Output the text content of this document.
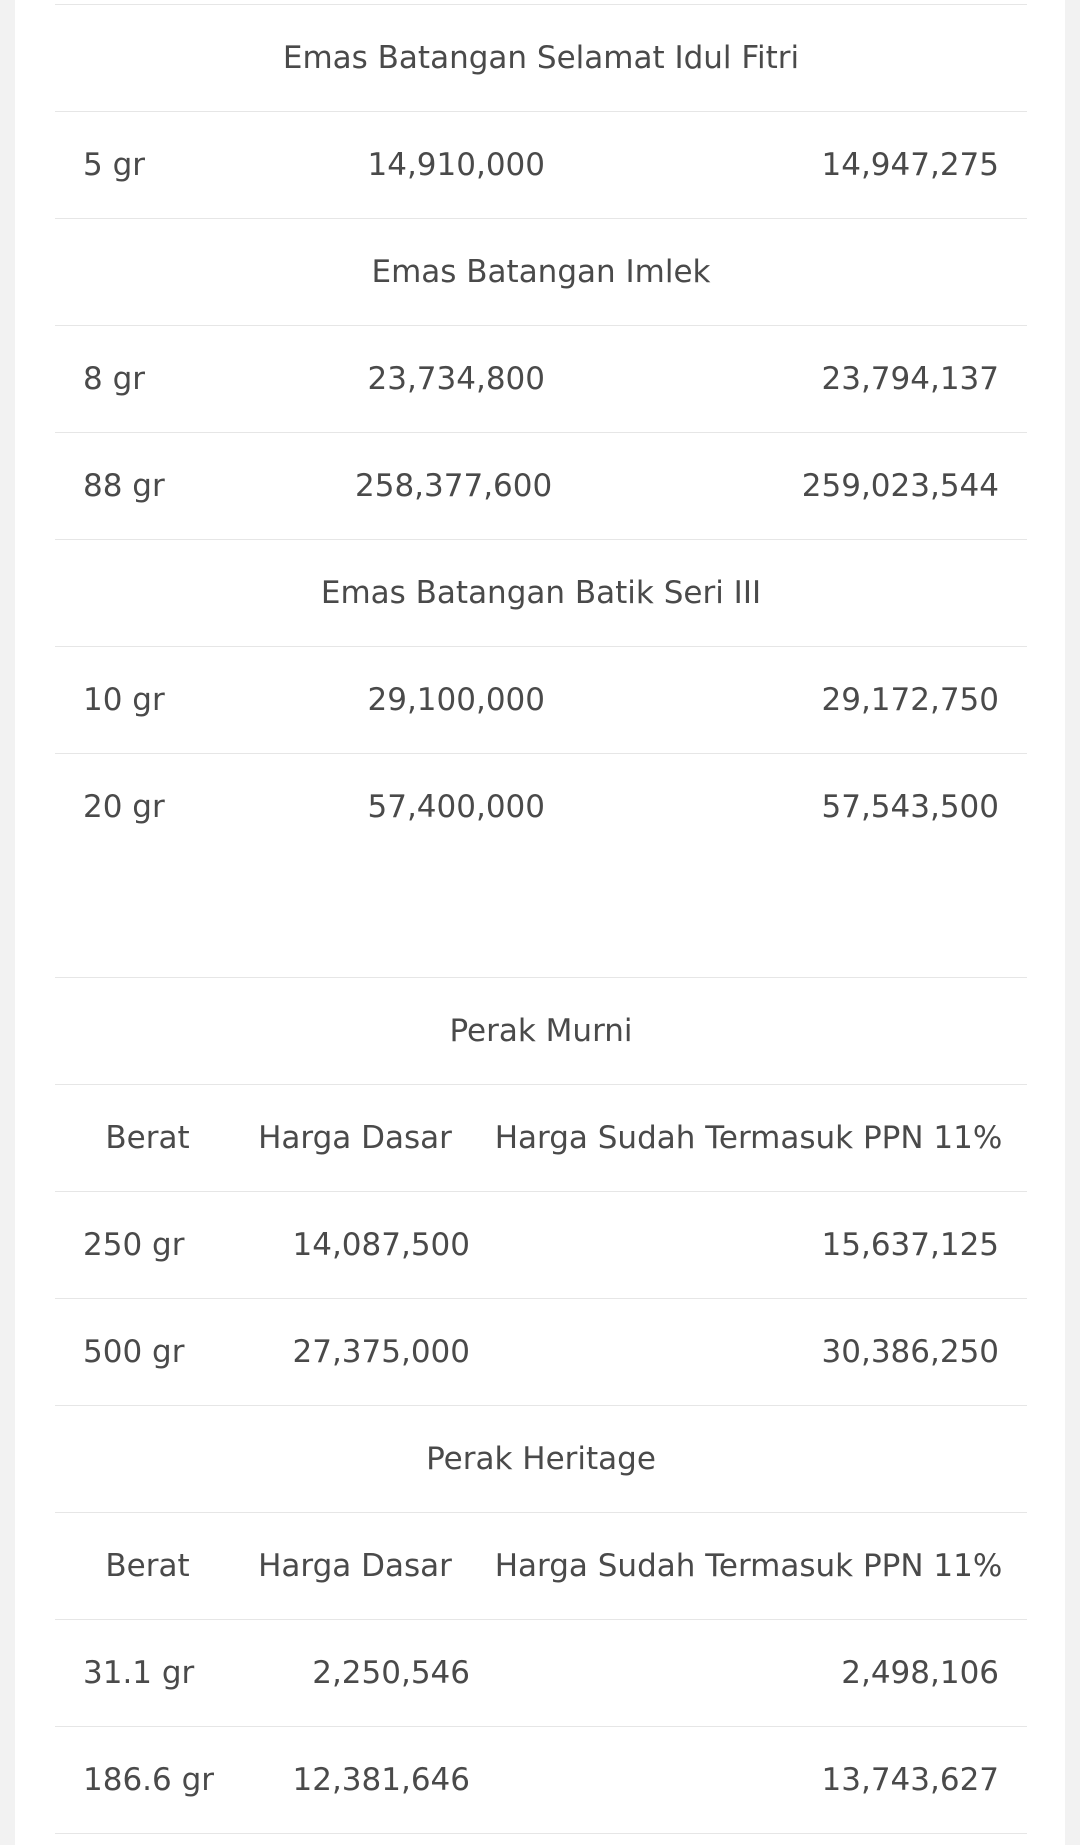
Emas Batangan Selamat Idul Fitri		
5 gr	14,910,000	14,947,275
Emas Batangan Imlek		
8 gr	23,734,800	23,794,137
88 gr	258,377,600	259,023,544
Emas Batangan Batik Seri III		
10 gr	29,100,000	29,172,750
20 gr	57,400,000	57,543,500
Perak Murni		
Berat	Harga Dasar	Harga Sudah Termasuk PPN 11%
250 gr	14,087,500	15,637,125
500 gr	27,375,000	30,386,250
Perak Heritage		
Berat	Harga Dasar	Harga Sudah Termasuk PPN 11%
31.1 gr	2,250,546	2,498,106
186.6 gr	12,381,646	13,743,627
